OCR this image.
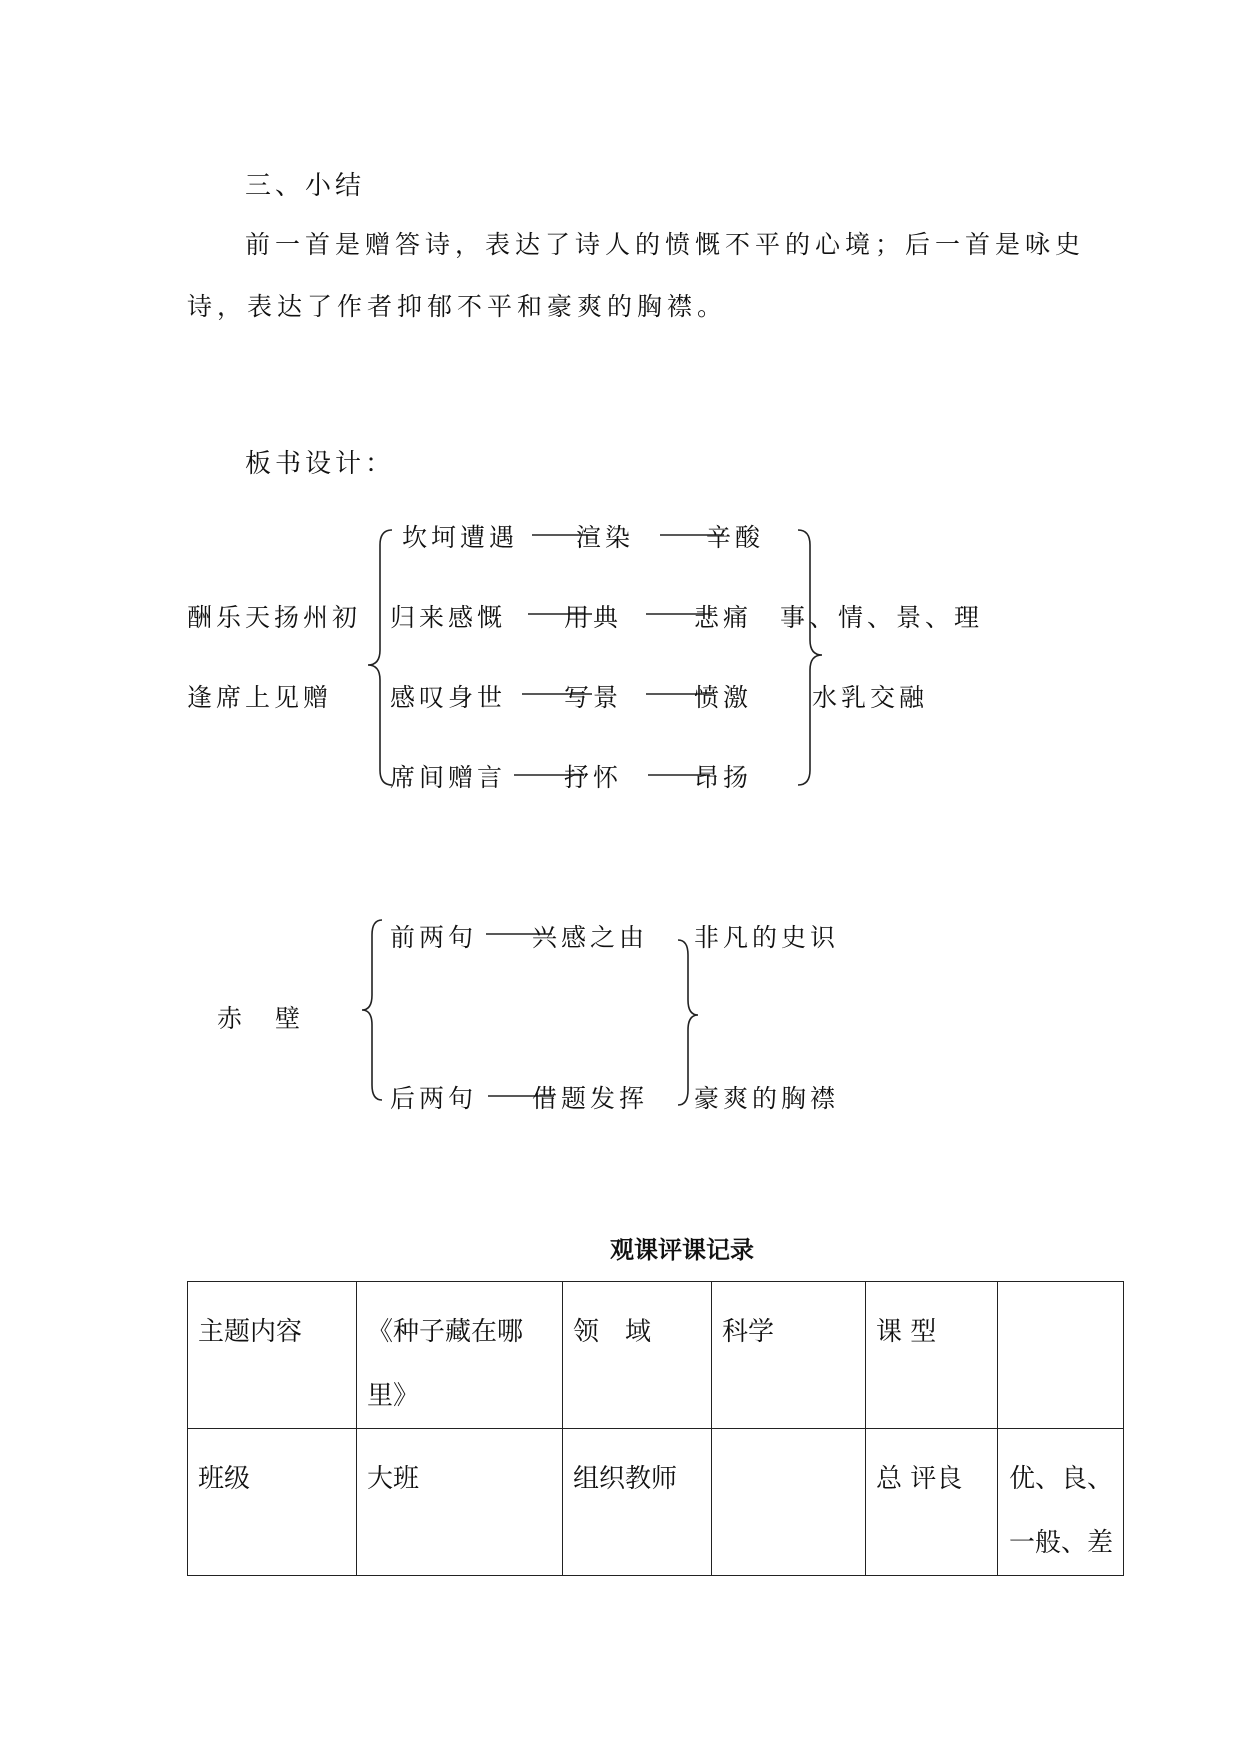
三、小结
前一首是赠答诗，表达了诗人的愤慨不平的心境；后一首是咏史
诗，表达了作者抑郁不平和豪爽的胸襟。
板书设计：
酬乐天扬州初
逢席上见赠
坎坷遭遇 渲染	辛酸
归来感慨 用典	悲痛
感叹身世 写景	愤激
席间赠言 抒怀	昂扬
事、情、景、理
水乳交融
赤　壁
前两句 兴感之由 非凡的史识
后两句 借题发挥 豪爽的胸襟
观课评课记录
主题内容	《种子藏在哪里》	领　域	科学	课 型	
班级	大班	组织教师		总 评良	优、良、一般、差
